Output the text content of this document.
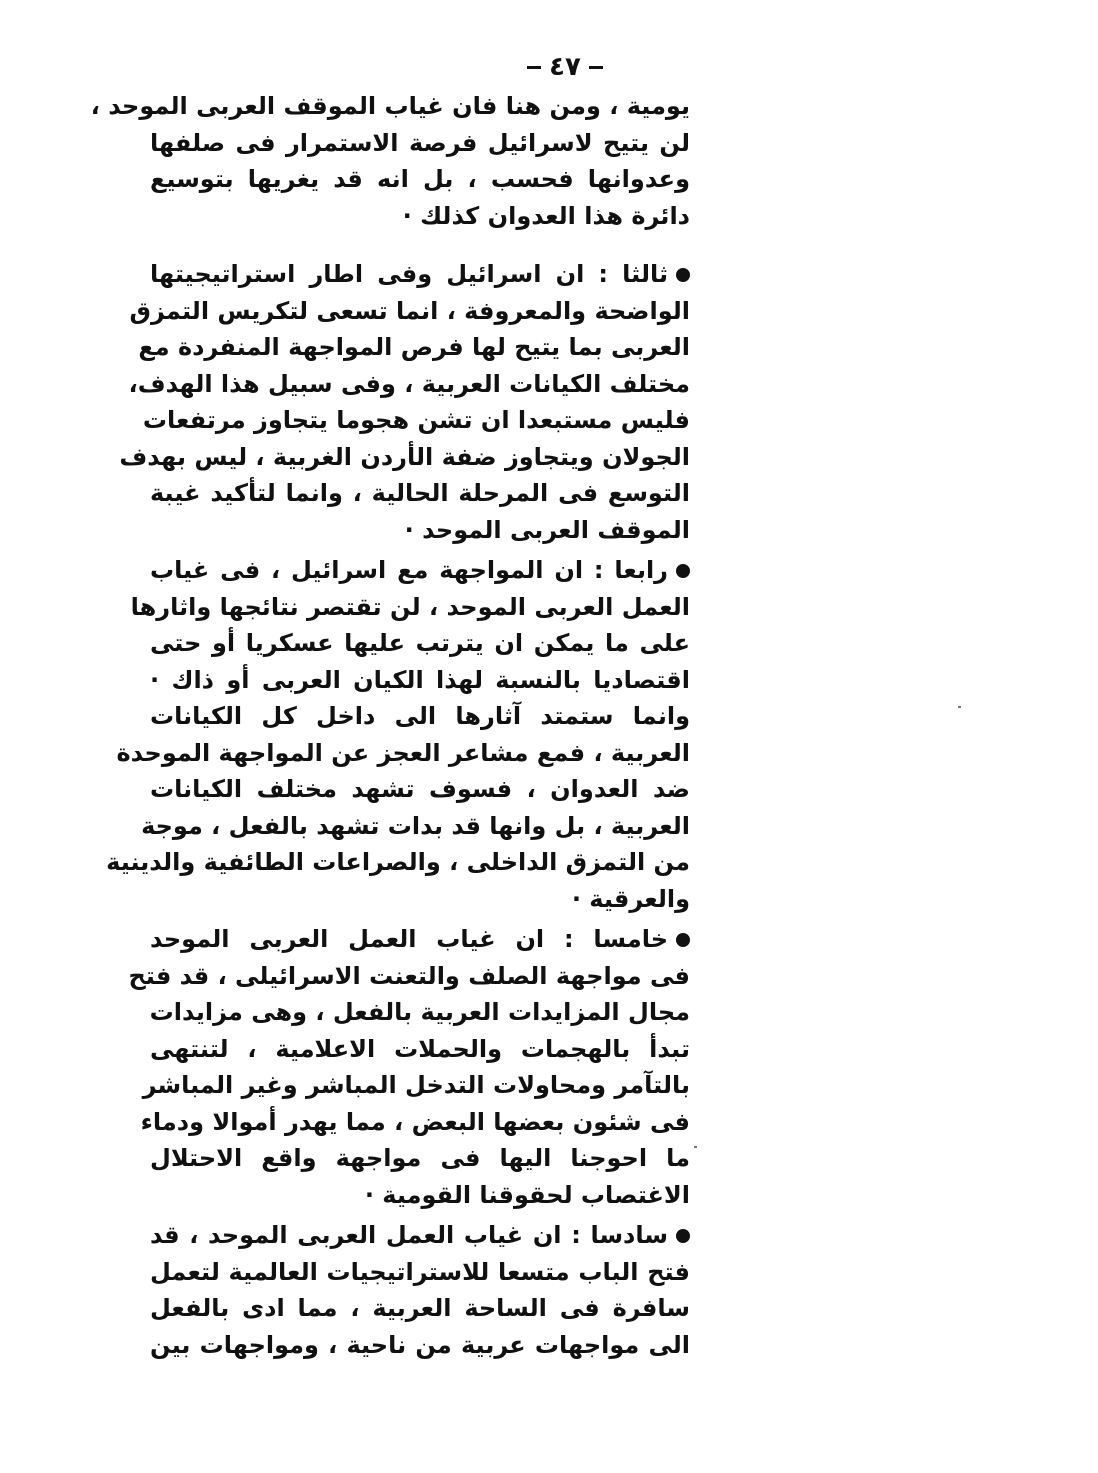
٤٧
يومية ، ومن هنا فان غياب الموقف العربى الموحد ،
لن يتيح لاسرائيل فرصة الاستمرار فى صلفها
وعدوانها فحسب ، بل انه قد يغريها بتوسيع
دائرة هذا العدوان كذلك ·
ثالثا : ان اسرائيل وفى اطار استراتيجيتها
الواضحة والمعروفة ، انما تسعى لتكريس التمزق
العربى بما يتيح لها فرص المواجهة المنفردة مع
مختلف الكيانات العربية ، وفى سبيل هذا الهدف،
فليس مستبعدا ان تشن هجوما يتجاوز مرتفعات
الجولان ويتجاوز ضفة الأردن الغربية ، ليس بهدف
التوسع فى المرحلة الحالية ، وانما لتأكيد غيبة
الموقف العربى الموحد ·
رابعا : ان المواجهة مع اسرائيل ، فى غياب
العمل العربى الموحد ، لن تقتصر نتائجها واثارها
على ما يمكن ان يترتب عليها عسكريا أو حتى
اقتصاديا بالنسبة لهذا الكيان العربى أو ذاك ·
وانما ستمتد آثارها الى داخل كل الكيانات
العربية ، فمع مشاعر العجز عن المواجهة الموحدة
ضد العدوان ، فسوف تشهد مختلف الكيانات
العربية ، بل وانها قد بدات تشهد بالفعل ، موجة
من التمزق الداخلى ، والصراعات الطائفية والدينية
والعرقية ·
خامسا : ان غياب العمل العربى الموحد
فى مواجهة الصلف والتعنت الاسرائيلى ، قد فتح
مجال المزايدات العربية بالفعل ، وهى مزايدات
تبدأ بالهجمات والحملات الاعلامية ، لتنتهى
بالتآمر ومحاولات التدخل المباشر وغير المباشر
فى شئون بعضها البعض ، مما يهدر أموالا ودماء
ما احوجنا اليها فى مواجهة واقع الاحتلال
الاغتصاب لحقوقنا القومية ·
سادسا : ان غياب العمل العربى الموحد ، قد
فتح الباب متسعا للاستراتيجيات العالمية لتعمل
سافرة فى الساحة العربية ، مما ادى بالفعل
الى مواجهات عربية من ناحية ، ومواجهات بين
